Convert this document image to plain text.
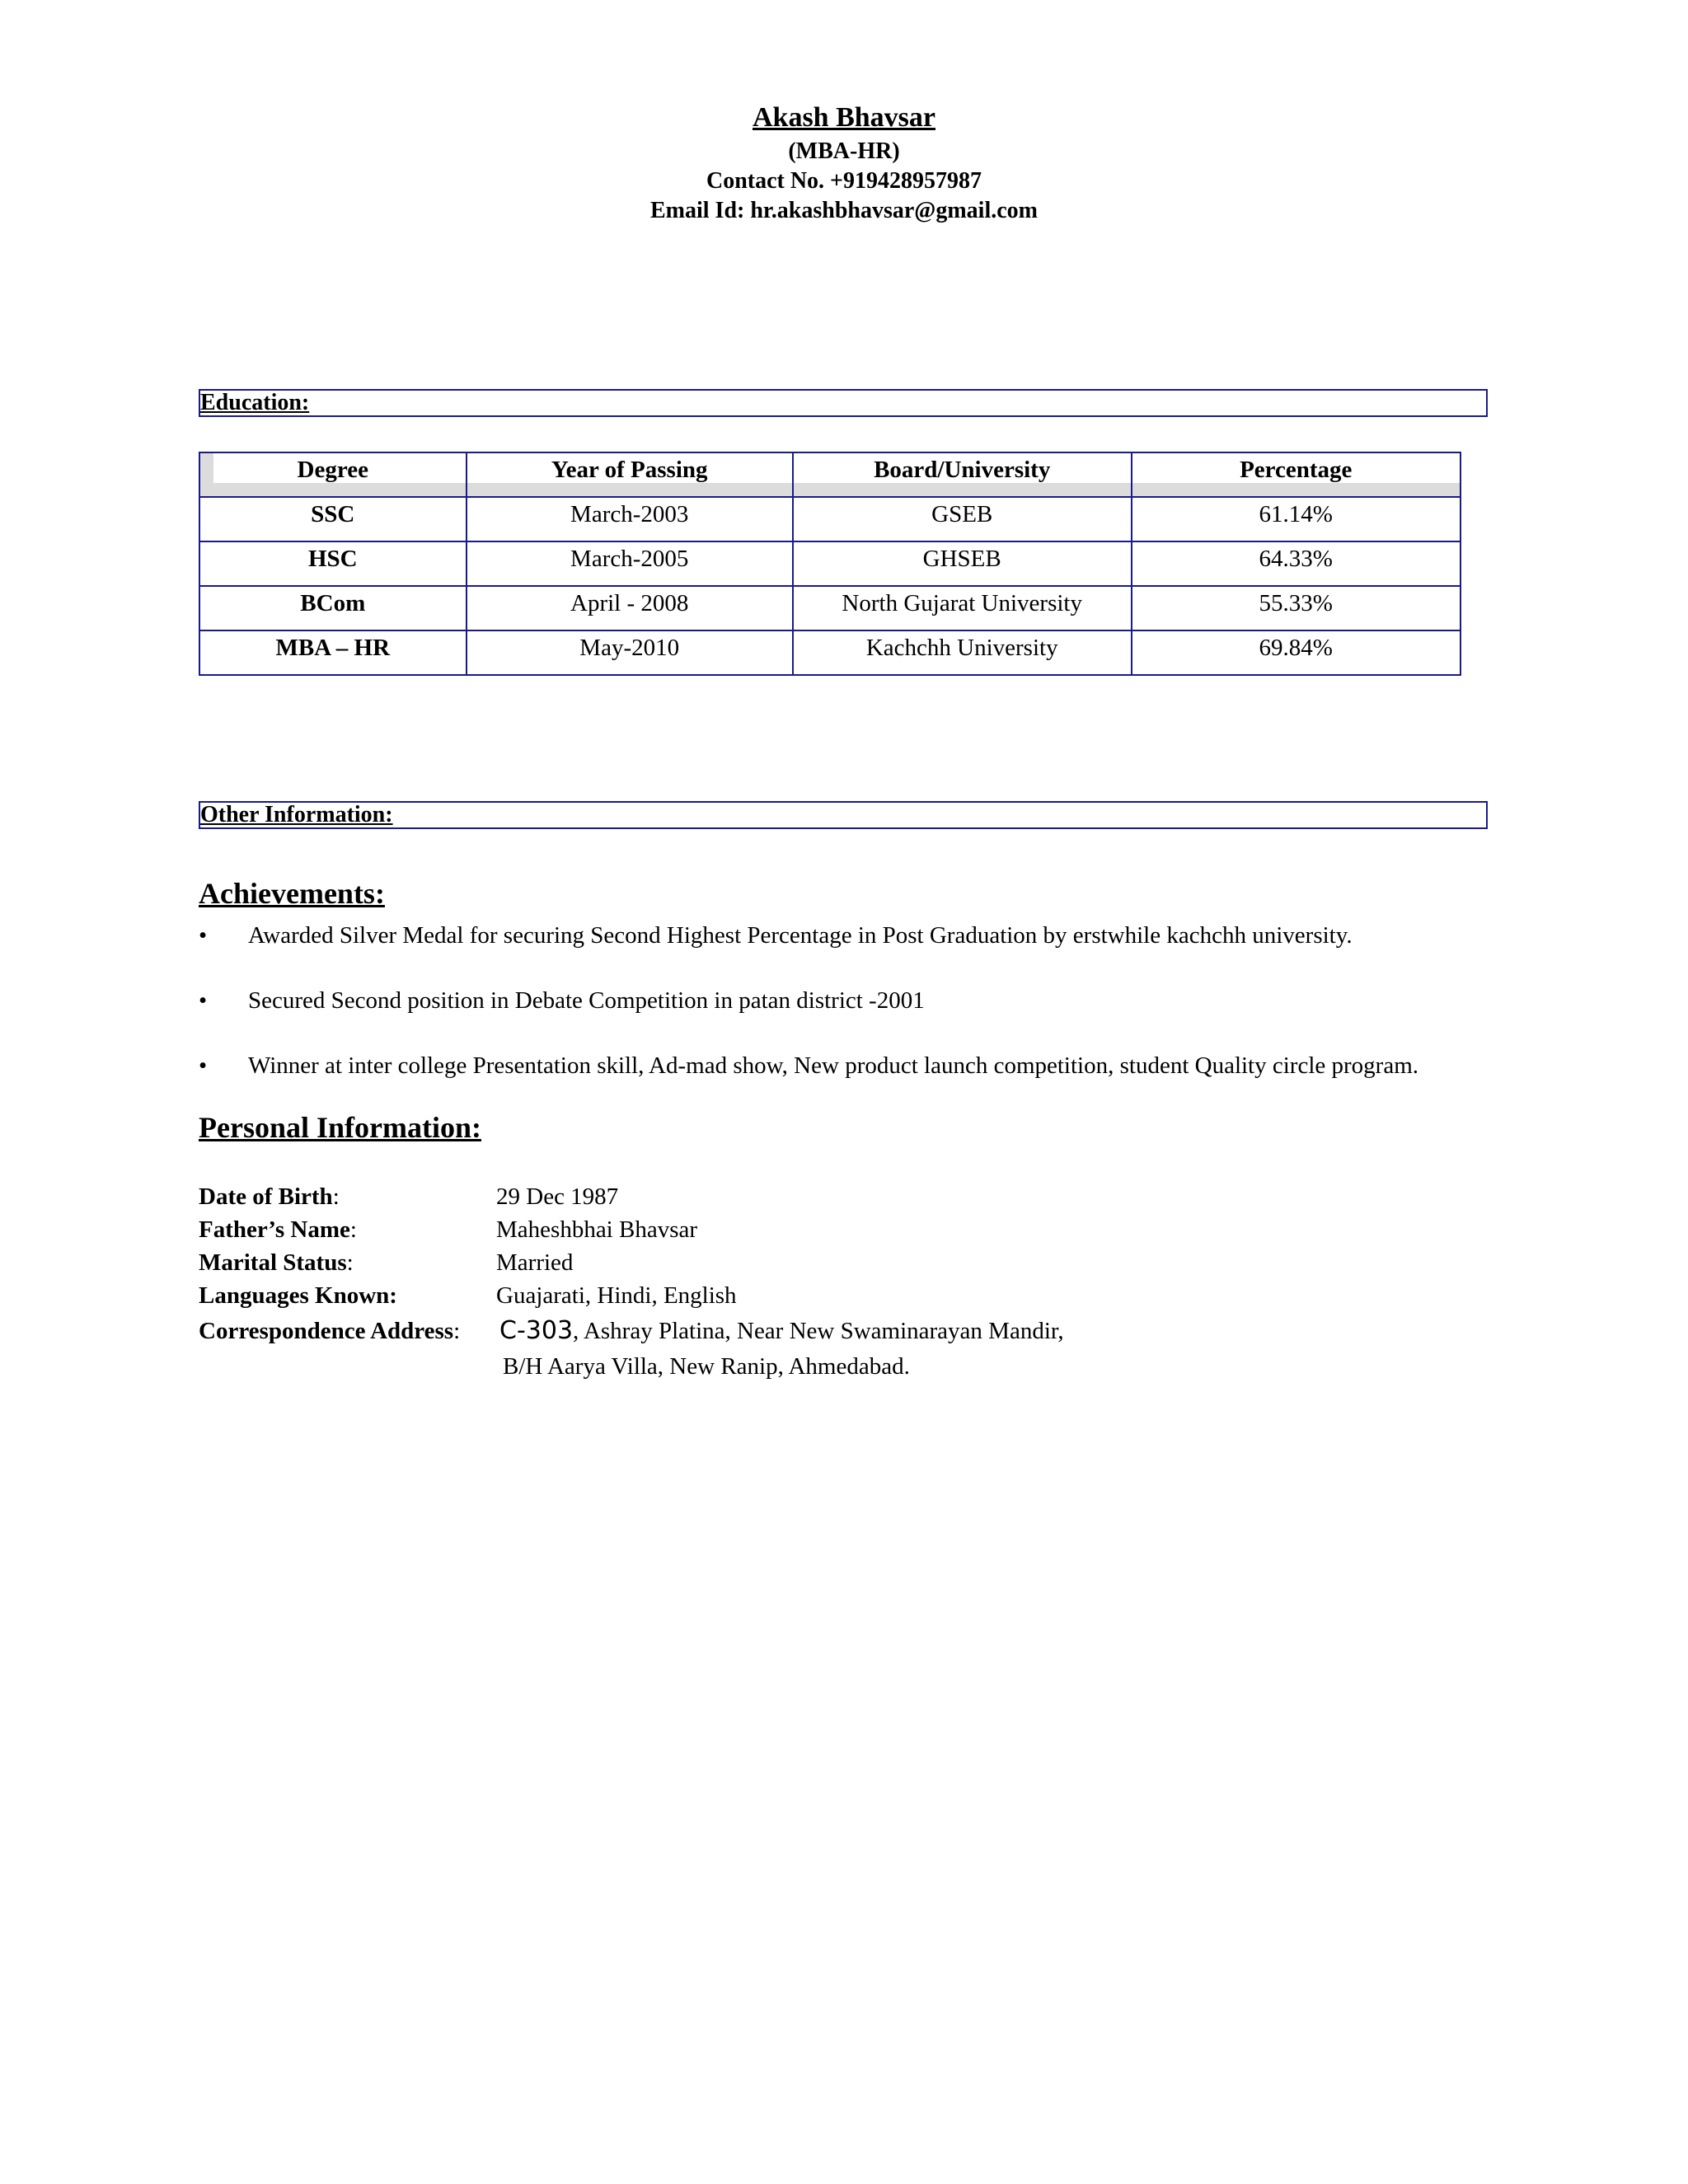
Akash Bhavsar
(MBA-HR)
Contact No. +919428957987
Email Id: hr.akashbhavsar@gmail.com
Education:
Degree	Year of Passing	Board/University	Percentage
SSC	March-2003	GSEB	61.14%
HSC	March-2005	GHSEB	64.33%
BCom	April - 2008	North Gujarat University	55.33%
MBA – HR	May-2010	Kachchh University	69.84%
Other Information:
Achievements:
•	Awarded Silver Medal for securing Second Highest Percentage in Post Graduation by erstwhile kachchh university.
•	Secured Second position in Debate Competition in patan district -2001
•	Winner at inter college Presentation skill, Ad-mad show, New product launch competition, student Quality circle program.
Personal Information:
Date of Birth:	29 Dec 1987
Father’s Name:	Maheshbhai Bhavsar
Marital Status:	Married
Languages Known:	Guajarati, Hindi, English
Correspondence Address: C-303, Ashray Platina, Near New Swaminarayan Mandir,
B/H Aarya Villa, New Ranip, Ahmedabad.
